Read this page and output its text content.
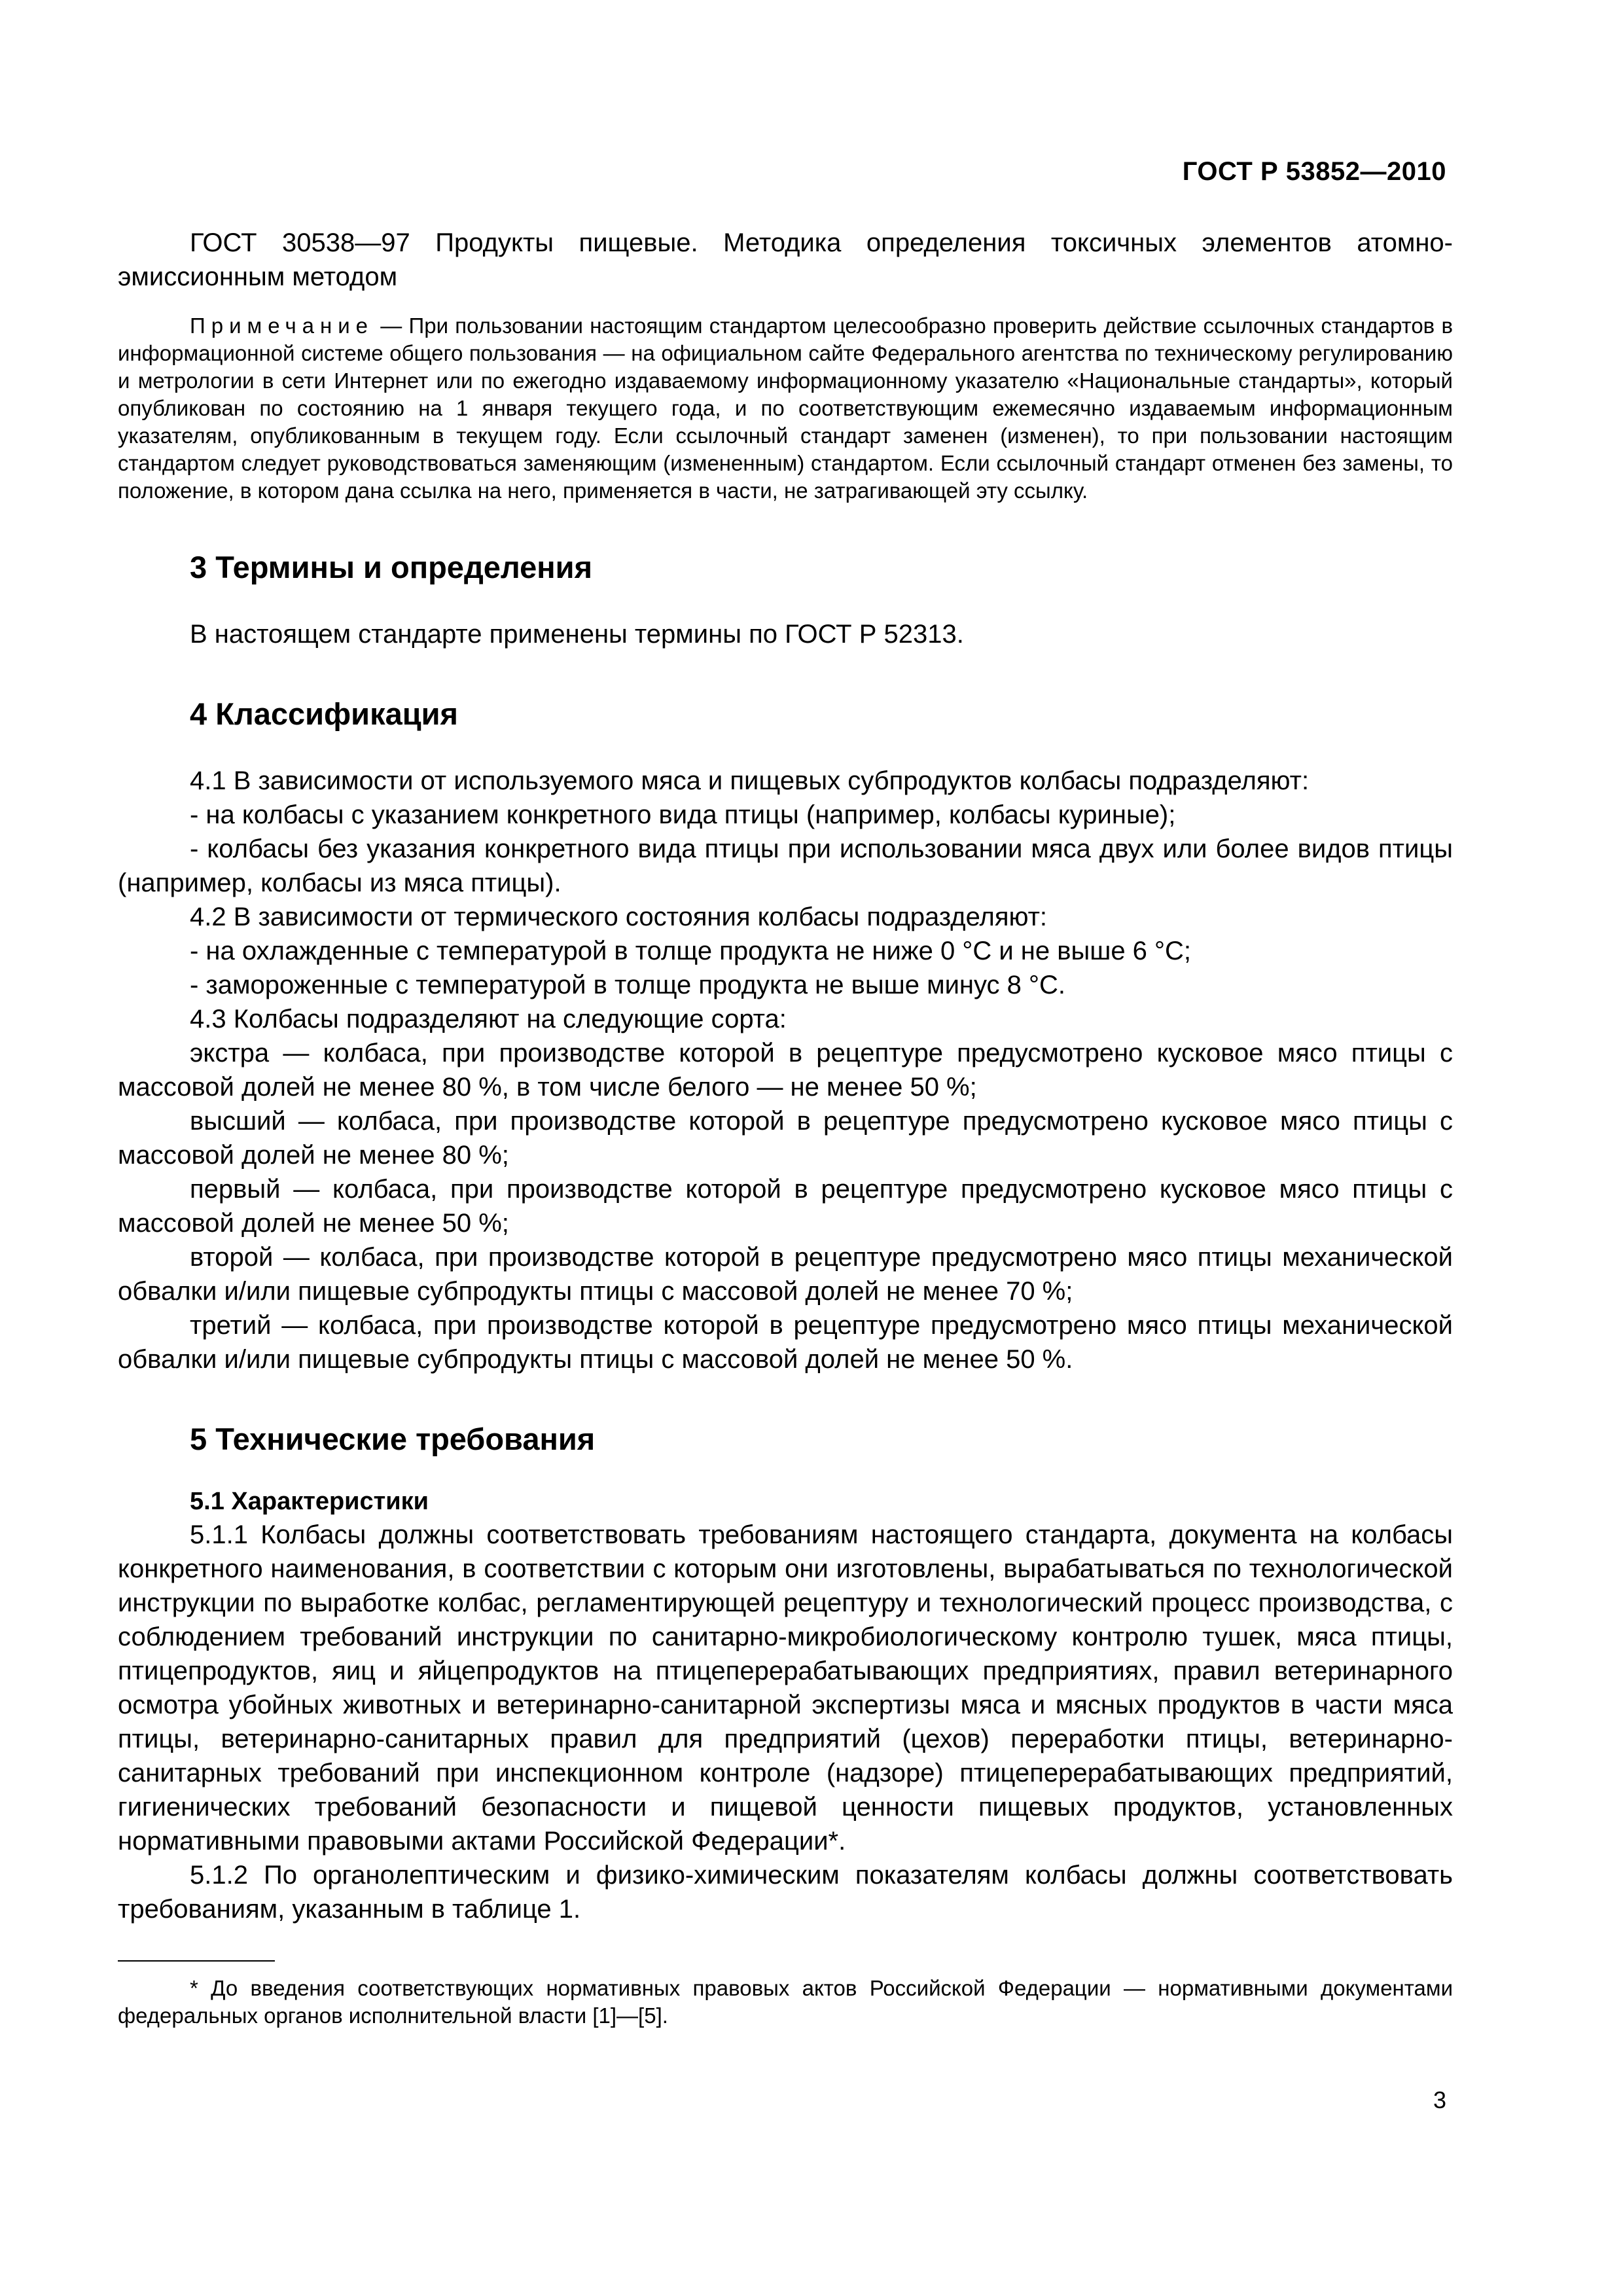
ГОСТ Р 53852—2010

ГОСТ 30538—97 Продукты пищевые. Методика определения токсичных элементов атомно-эмиссионным методом

Примечание — При пользовании настоящим стандартом целесообразно проверить действие ссылочных стандартов в информационной системе общего пользования — на официальном сайте Федерального агентства по техническому регулированию и метрологии в сети Интернет или по ежегодно издаваемому информационному указателю «Национальные стандарты», который опубликован по состоянию на 1 января текущего года, и по соответствующим ежемесячно издаваемым информационным указателям, опубликованным в текущем году. Если ссылочный стандарт заменен (изменен), то при пользовании настоящим стандартом следует руководствоваться заменяющим (измененным) стандартом. Если ссылочный стандарт отменен без замены, то положение, в котором дана ссылка на него, применяется в части, не затрагивающей эту ссылку.

3 Термины и определения

В настоящем стандарте применены термины по ГОСТ Р 52313.

4 Классификация

4.1 В зависимости от используемого мяса и пищевых субпродуктов колбасы подразделяют:

- на колбасы с указанием конкретного вида птицы (например, колбасы куриные);

- колбасы без указания конкретного вида птицы при использовании мяса двух или более видов птицы (например, колбасы из мяса птицы).

4.2 В зависимости от термического состояния колбасы подразделяют:

- на охлажденные с температурой в толще продукта не ниже 0 °С и не выше 6 °С;

- замороженные с температурой в толще продукта не выше минус 8 °С.

4.3 Колбасы подразделяют на следующие сорта:

экстра — колбаса, при производстве которой в рецептуре предусмотрено кусковое мясо птицы с массовой долей не менее 80 %, в том числе белого — не менее 50 %;

высший — колбаса, при производстве которой в рецептуре предусмотрено кусковое мясо птицы с массовой долей не менее 80 %;

первый — колбаса, при производстве которой в рецептуре предусмотрено кусковое мясо птицы с массовой долей не менее 50 %;

второй — колбаса, при производстве которой в рецептуре предусмотрено мясо птицы механической обвалки и/или пищевые субпродукты птицы с массовой долей не менее 70 %;

третий — колбаса, при производстве которой в рецептуре предусмотрено мясо птицы механической обвалки и/или пищевые субпродукты птицы с массовой долей не менее 50 %.

5 Технические требования
5.1 Характеристики

5.1.1 Колбасы должны соответствовать требованиям настоящего стандарта, документа на колбасы конкретного наименования, в соответствии с которым они изготовлены, вырабатываться по технологической инструкции по выработке колбас, регламентирующей рецептуру и технологический процесс производства, с соблюдением требований инструкции по санитарно-микробиологическому контролю тушек, мяса птицы, птицепродуктов, яиц и яйцепродуктов на птицеперерабатывающих предприятиях, правил ветеринарного осмотра убойных животных и ветеринарно-санитарной экспертизы мяса и мясных продуктов в части мяса птицы, ветеринарно-санитарных правил для предприятий (цехов) переработки птицы, ветеринарно-санитарных требований при инспекционном контроле (надзоре) птицеперерабатывающих предприятий, гигиенических требований безопасности и пищевой ценности пищевых продуктов, установленных нормативными правовыми актами Российской Федерации*.

5.1.2 По органолептическим и физико-химическим показателям колбасы должны соответствовать требованиям, указанным в таблице 1.

* До введения соответствующих нормативных правовых актов Российской Федерации — нормативными документами федеральных органов исполнительной власти [1]—[5].

3
